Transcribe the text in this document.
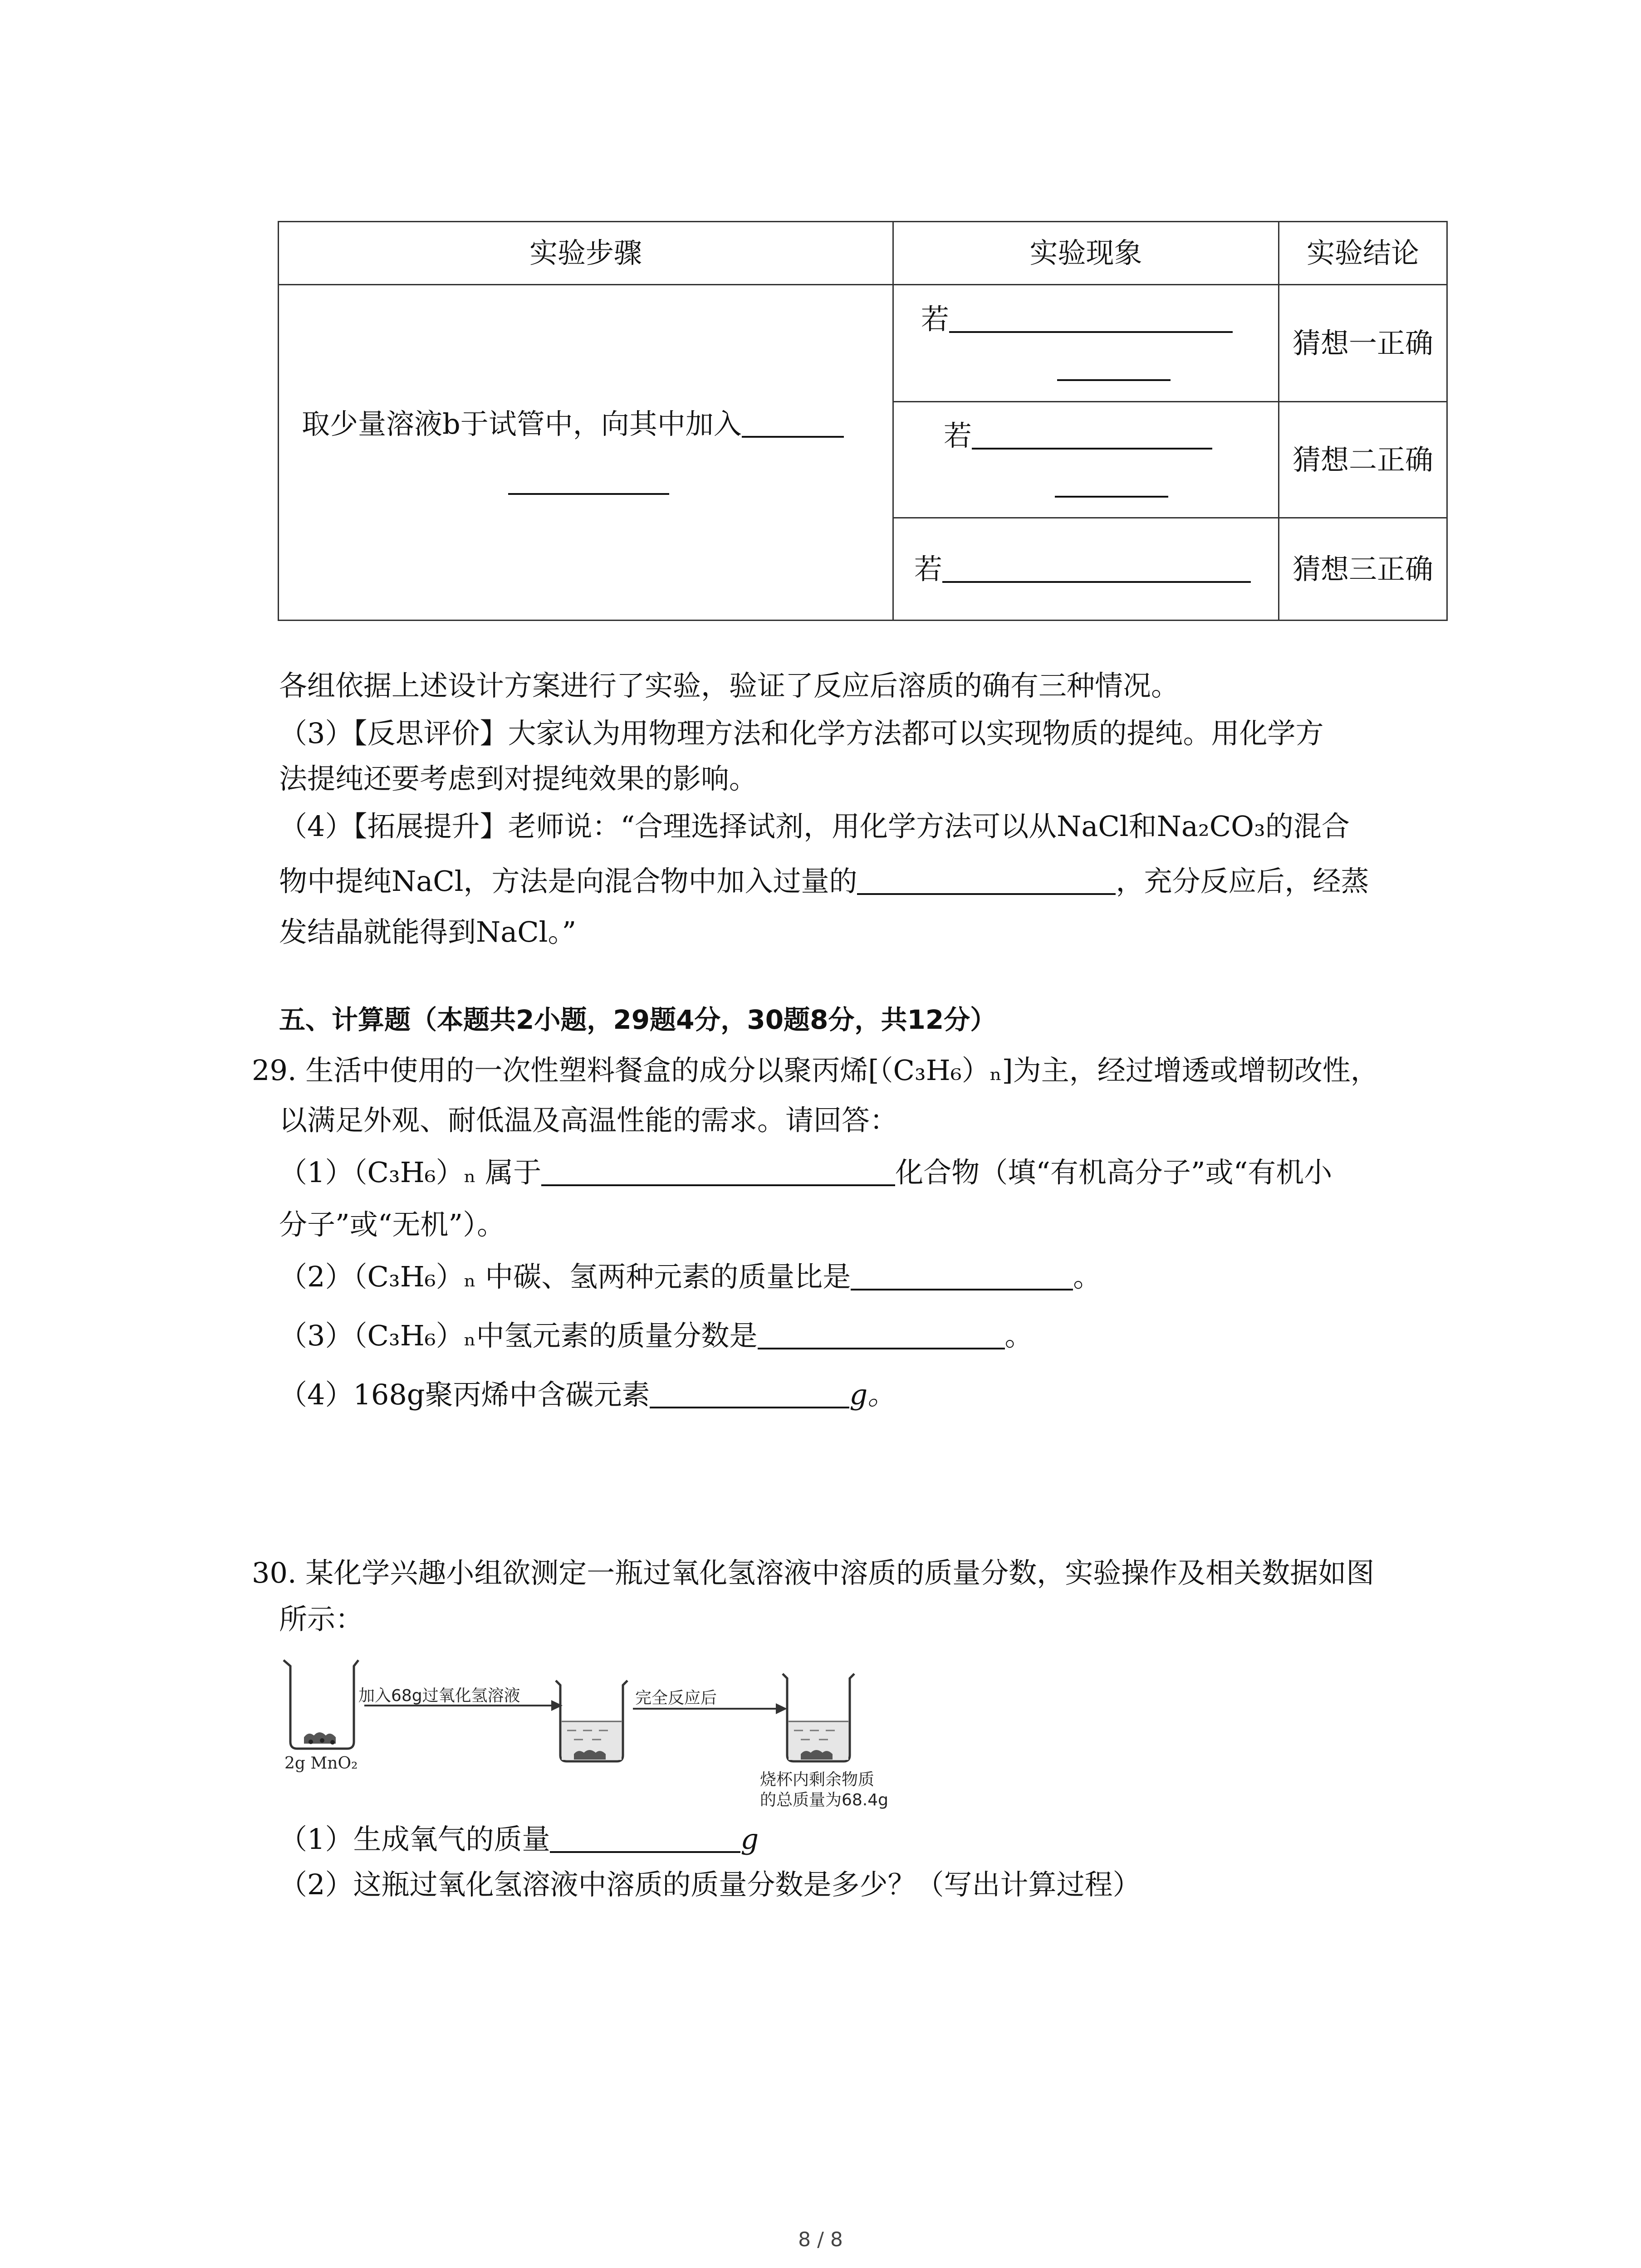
实验步骤	实验现象	实验结论

取少量溶液b于试管中，向其中加入	若	猜想一正确
	若	猜想二正确
	若	猜想三正确
各组依据上述设计方案进行了实验，验证了反应后溶质的确有三种情况。
（3）【反思评价】大家认为用物理方法和化学方法都可以实现物质的提纯。用化学方
法提纯还要考虑到对提纯效果的影响。
（4）【拓展提升】老师说：“合理选择试剂，用化学方法可以从NaCl和Na₂CO₃的混合
物中提纯NaCl，方法是向混合物中加入过量的	，充分反应后，经蒸
发结晶就能得到NaCl。”
五、计算题（本题共2小题，29题4分，30题8分，共12分）
29. 生活中使用的一次性塑料餐盒的成分以聚丙烯[（C₃H₆）ₙ]为主，经过增透或增韧改性，
以满足外观、耐低温及高温性能的需求。请回答：
（1）（C₃H₆）ₙ 属于	化合物（填“有机高分子”或“有机小
分子”或“无机”）。
（2）（C₃H₆）ₙ 中碳、氢两种元素的质量比是	。
（3）（C₃H₆）ₙ中氢元素的质量分数是	。
（4）168g聚丙烯中含碳元素	g。
30. 某化学兴趣小组欲测定一瓶过氧化氢溶液中溶质的质量分数，实验操作及相关数据如图
所示：
加入68g过氧化氢溶液	完全反应后
2g MnO₂
烧杯内剩余物质
的总质量为68.4g
（1）生成氧气的质量	g
（2）这瓶过氧化氢溶液中溶质的质量分数是多少？（写出计算过程）
8 / 8
